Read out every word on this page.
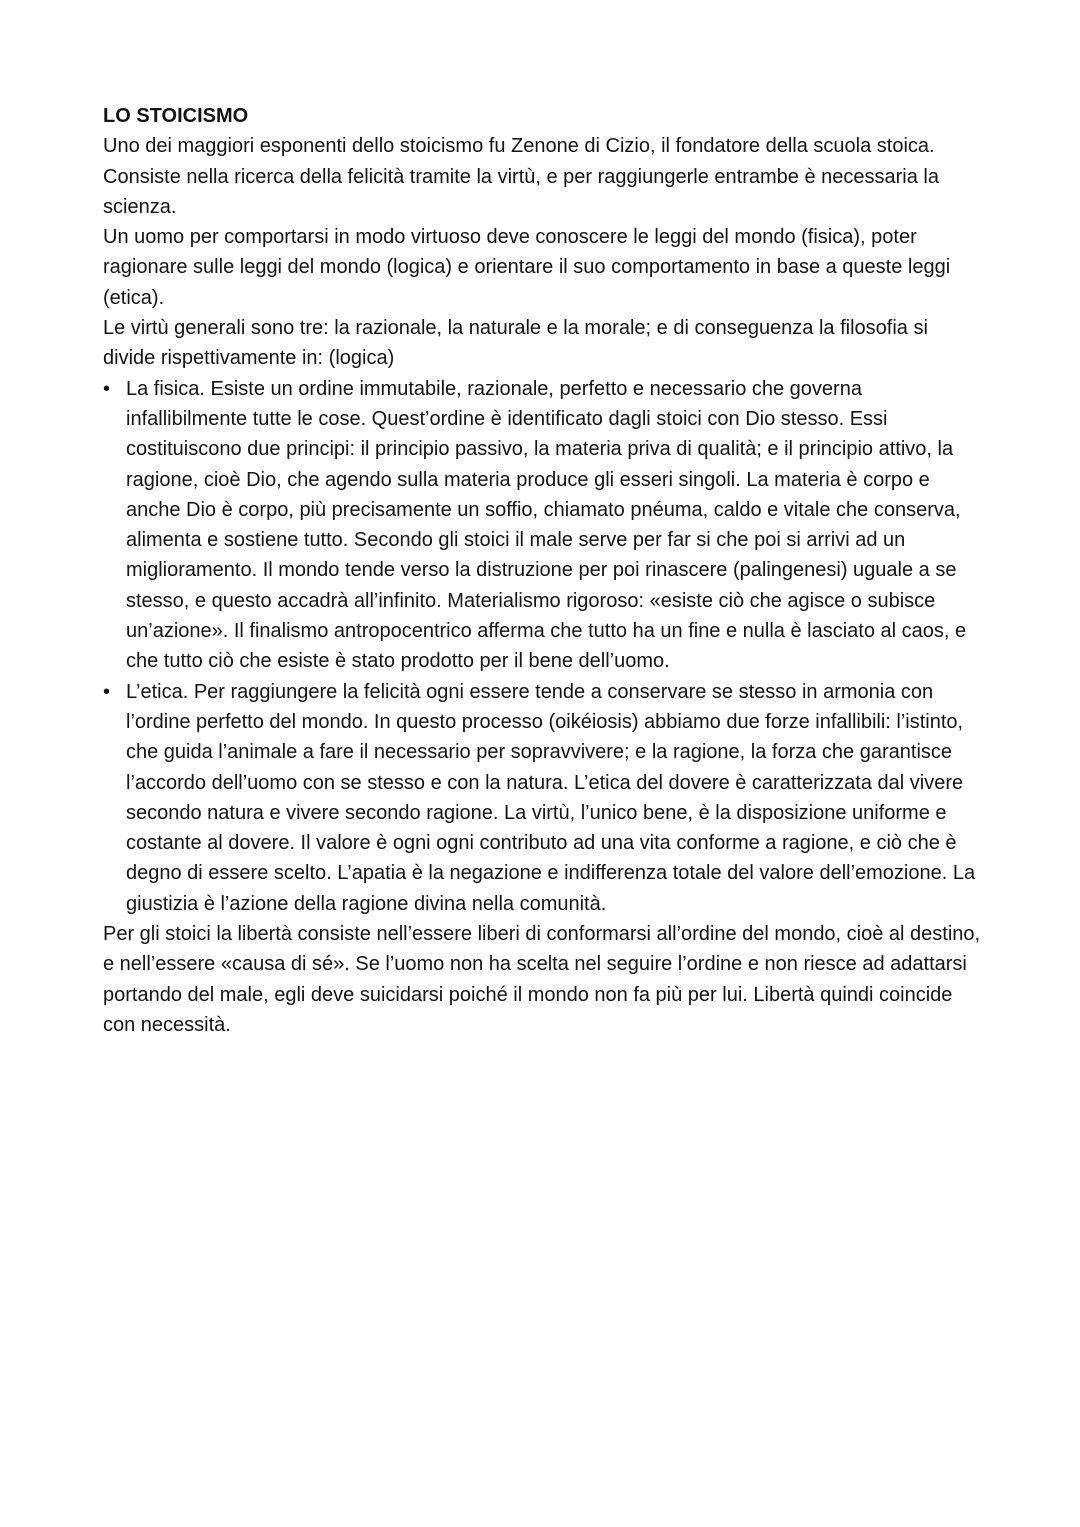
LO STOICISMO
Uno dei maggiori esponenti dello stoicismo fu Zenone di Cizio, il fondatore della scuola stoica. Consiste nella ricerca della felicità tramite la virtù, e per raggiungerle entrambe è necessaria la scienza.
Un uomo per comportarsi in modo virtuoso deve conoscere le leggi del mondo (fisica), poter ragionare sulle leggi del mondo (logica) e orientare il suo comportamento in base a queste leggi (etica).
Le virtù generali sono tre: la razionale, la naturale e la morale; e di conseguenza la filosofia si divide rispettivamente in: (logica)
• La fisica. Esiste un ordine immutabile, razionale, perfetto e necessario che governa infallibilmente tutte le cose. Quest’ordine è identificato dagli stoici con Dio stesso. Essi costituiscono due principi: il principio passivo, la materia priva di qualità; e il principio attivo, la ragione, cioè Dio, che agendo sulla materia produce gli esseri singoli. La materia è corpo e anche Dio è corpo, più precisamente un soffio, chiamato pnéuma, caldo e vitale che conserva, alimenta e sostiene tutto. Secondo gli stoici il male serve per far si che poi si arrivi ad un miglioramento. Il mondo tende verso la distruzione per poi rinascere (palingenesi) uguale a se stesso, e questo accadrà all’infinito. Materialismo rigoroso: «esiste ciò che agisce o subisce un’azione». Il finalismo antropocentrico afferma che tutto ha un fine e nulla è lasciato al caos, e che tutto ciò che esiste è stato prodotto per il bene dell’uomo.
• L’etica. Per raggiungere la felicità ogni essere tende a conservare se stesso in armonia con l’ordine perfetto del mondo. In questo processo (oikéiosis) abbiamo due forze infallibili: l’istinto, che guida l’animale a fare il necessario per sopravvivere; e la ragione, la forza che garantisce l’accordo dell’uomo con se stesso e con la natura. L’etica del dovere è caratterizzata dal vivere secondo natura e vivere secondo ragione. La virtù, l’unico bene, è la disposizione uniforme e costante al dovere. Il valore è ogni ogni contributo ad una vita conforme a ragione, e ciò che è degno di essere scelto. L’apatia è la negazione e indifferenza totale del valore dell’emozione. La giustizia è l’azione della ragione divina nella comunità.
Per gli stoici la libertà consiste nell’essere liberi di conformarsi all’ordine del mondo, cioè al destino, e nell’essere «causa di sé». Se l’uomo non ha scelta nel seguire l’ordine e non riesce ad adattarsi portando del male, egli deve suicidarsi poiché il mondo non fa più per lui. Libertà quindi coincide con necessità.
